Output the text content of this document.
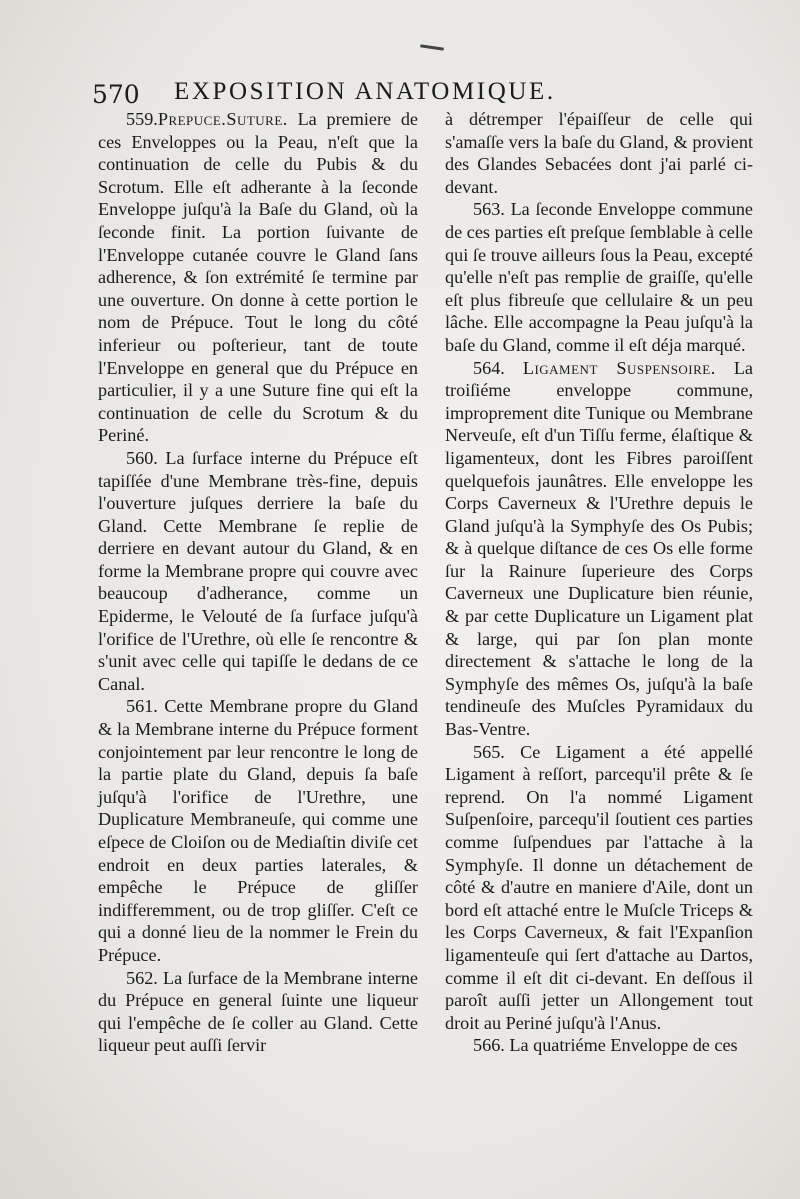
570 EXPOSITION ANATOMIQUE.

559.Prepuce.Suture. La premiere de ces Enveloppes ou la Peau, n'eſt que la continuation de celle du Pubis & du Scrotum. Elle eſt adherante à la ſeconde Enveloppe juſqu'à la Baſe du Gland, où la ſeconde finit. La portion ſuivante de l'Enveloppe cutanée couvre le Gland ſans adherence, & ſon extrémité ſe termine par une ouverture. On donne à cette portion le nom de Prépuce. Tout le long du côté inferieur ou poſterieur, tant de toute l'Enveloppe en general que du Prépuce en particulier, il y a une Suture fine qui eſt la continuation de celle du Scrotum & du Periné.

560. La ſurface interne du Prépuce eſt tapiſſée d'une Membrane très-fine, depuis l'ouverture juſques derriere la baſe du Gland. Cette Membrane ſe replie de derriere en devant autour du Gland, & en forme la Membrane propre qui couvre avec beaucoup d'adherance, comme un Epiderme, le Velouté de ſa ſurface juſqu'à l'orifice de l'Urethre, où elle ſe rencontre & s'unit avec celle qui tapiſſe le dedans de ce Canal.

561. Cette Membrane propre du Gland & la Membrane interne du Prépuce forment conjointement par leur rencontre le long de la partie plate du Gland, depuis ſa baſe juſqu'à l'orifice de l'Urethre, une Duplicature Membraneuſe, qui comme une eſpece de Cloiſon ou de Mediaſtin diviſe cet endroit en deux parties laterales, & empêche le Prépuce de gliſſer indifferemment, ou de trop gliſſer. C'eſt ce qui a donné lieu de la nommer le Frein du Prépuce.

562. La ſurface de la Membrane interne du Prépuce en general ſuinte une liqueur qui l'empêche de ſe coller au Gland. Cette liqueur peut auſſi ſervir

à détremper l'épaiſſeur de celle qui s'amaſſe vers la baſe du Gland, & provient des Glandes Sebacées dont j'ai parlé ci-devant.

563. La ſeconde Enveloppe commune de ces parties eſt preſque ſemblable à celle qui ſe trouve ailleurs ſous la Peau, excepté qu'elle n'eſt pas remplie de graiſſe, qu'elle eſt plus fibreuſe que cellulaire & un peu lâche. Elle accompagne la Peau juſqu'à la baſe du Gland, comme il eſt déja marqué.

564. Ligament Suspensoire. La troiſiéme enveloppe commune, improprement dite Tunique ou Membrane Nerveuſe, eſt d'un Tiſſu ferme, élaſtique & ligamenteux, dont les Fibres paroiſſent quelquefois jaunâtres. Elle enveloppe les Corps Caverneux & l'Urethre depuis le Gland juſqu'à la Symphyſe des Os Pubis; & à quelque diſtance de ces Os elle forme ſur la Rainure ſuperieure des Corps Caverneux une Duplicature bien réunie, & par cette Duplicature un Ligament plat & large, qui par ſon plan monte directement & s'attache le long de la Symphyſe des mêmes Os, juſqu'à la baſe tendineuſe des Muſcles Pyramidaux du Bas-Ventre.

565. Ce Ligament a été appellé Ligament à reſſort, parcequ'il prête & ſe reprend. On l'a nommé Ligament Suſpenſoire, parcequ'il ſoutient ces parties comme ſuſpendues par l'attache à la Symphyſe. Il donne un détachement de côté & d'autre en maniere d'Aile, dont un bord eſt attaché entre le Muſcle Triceps & les Corps Caverneux, & fait l'Expanſion ligamenteuſe qui ſert d'attache au Dartos, comme il eſt dit ci-devant. En deſſous il paroît auſſi jetter un Allongement tout droit au Periné juſqu'à l'Anus.

566. La quatriéme Enveloppe de ces
